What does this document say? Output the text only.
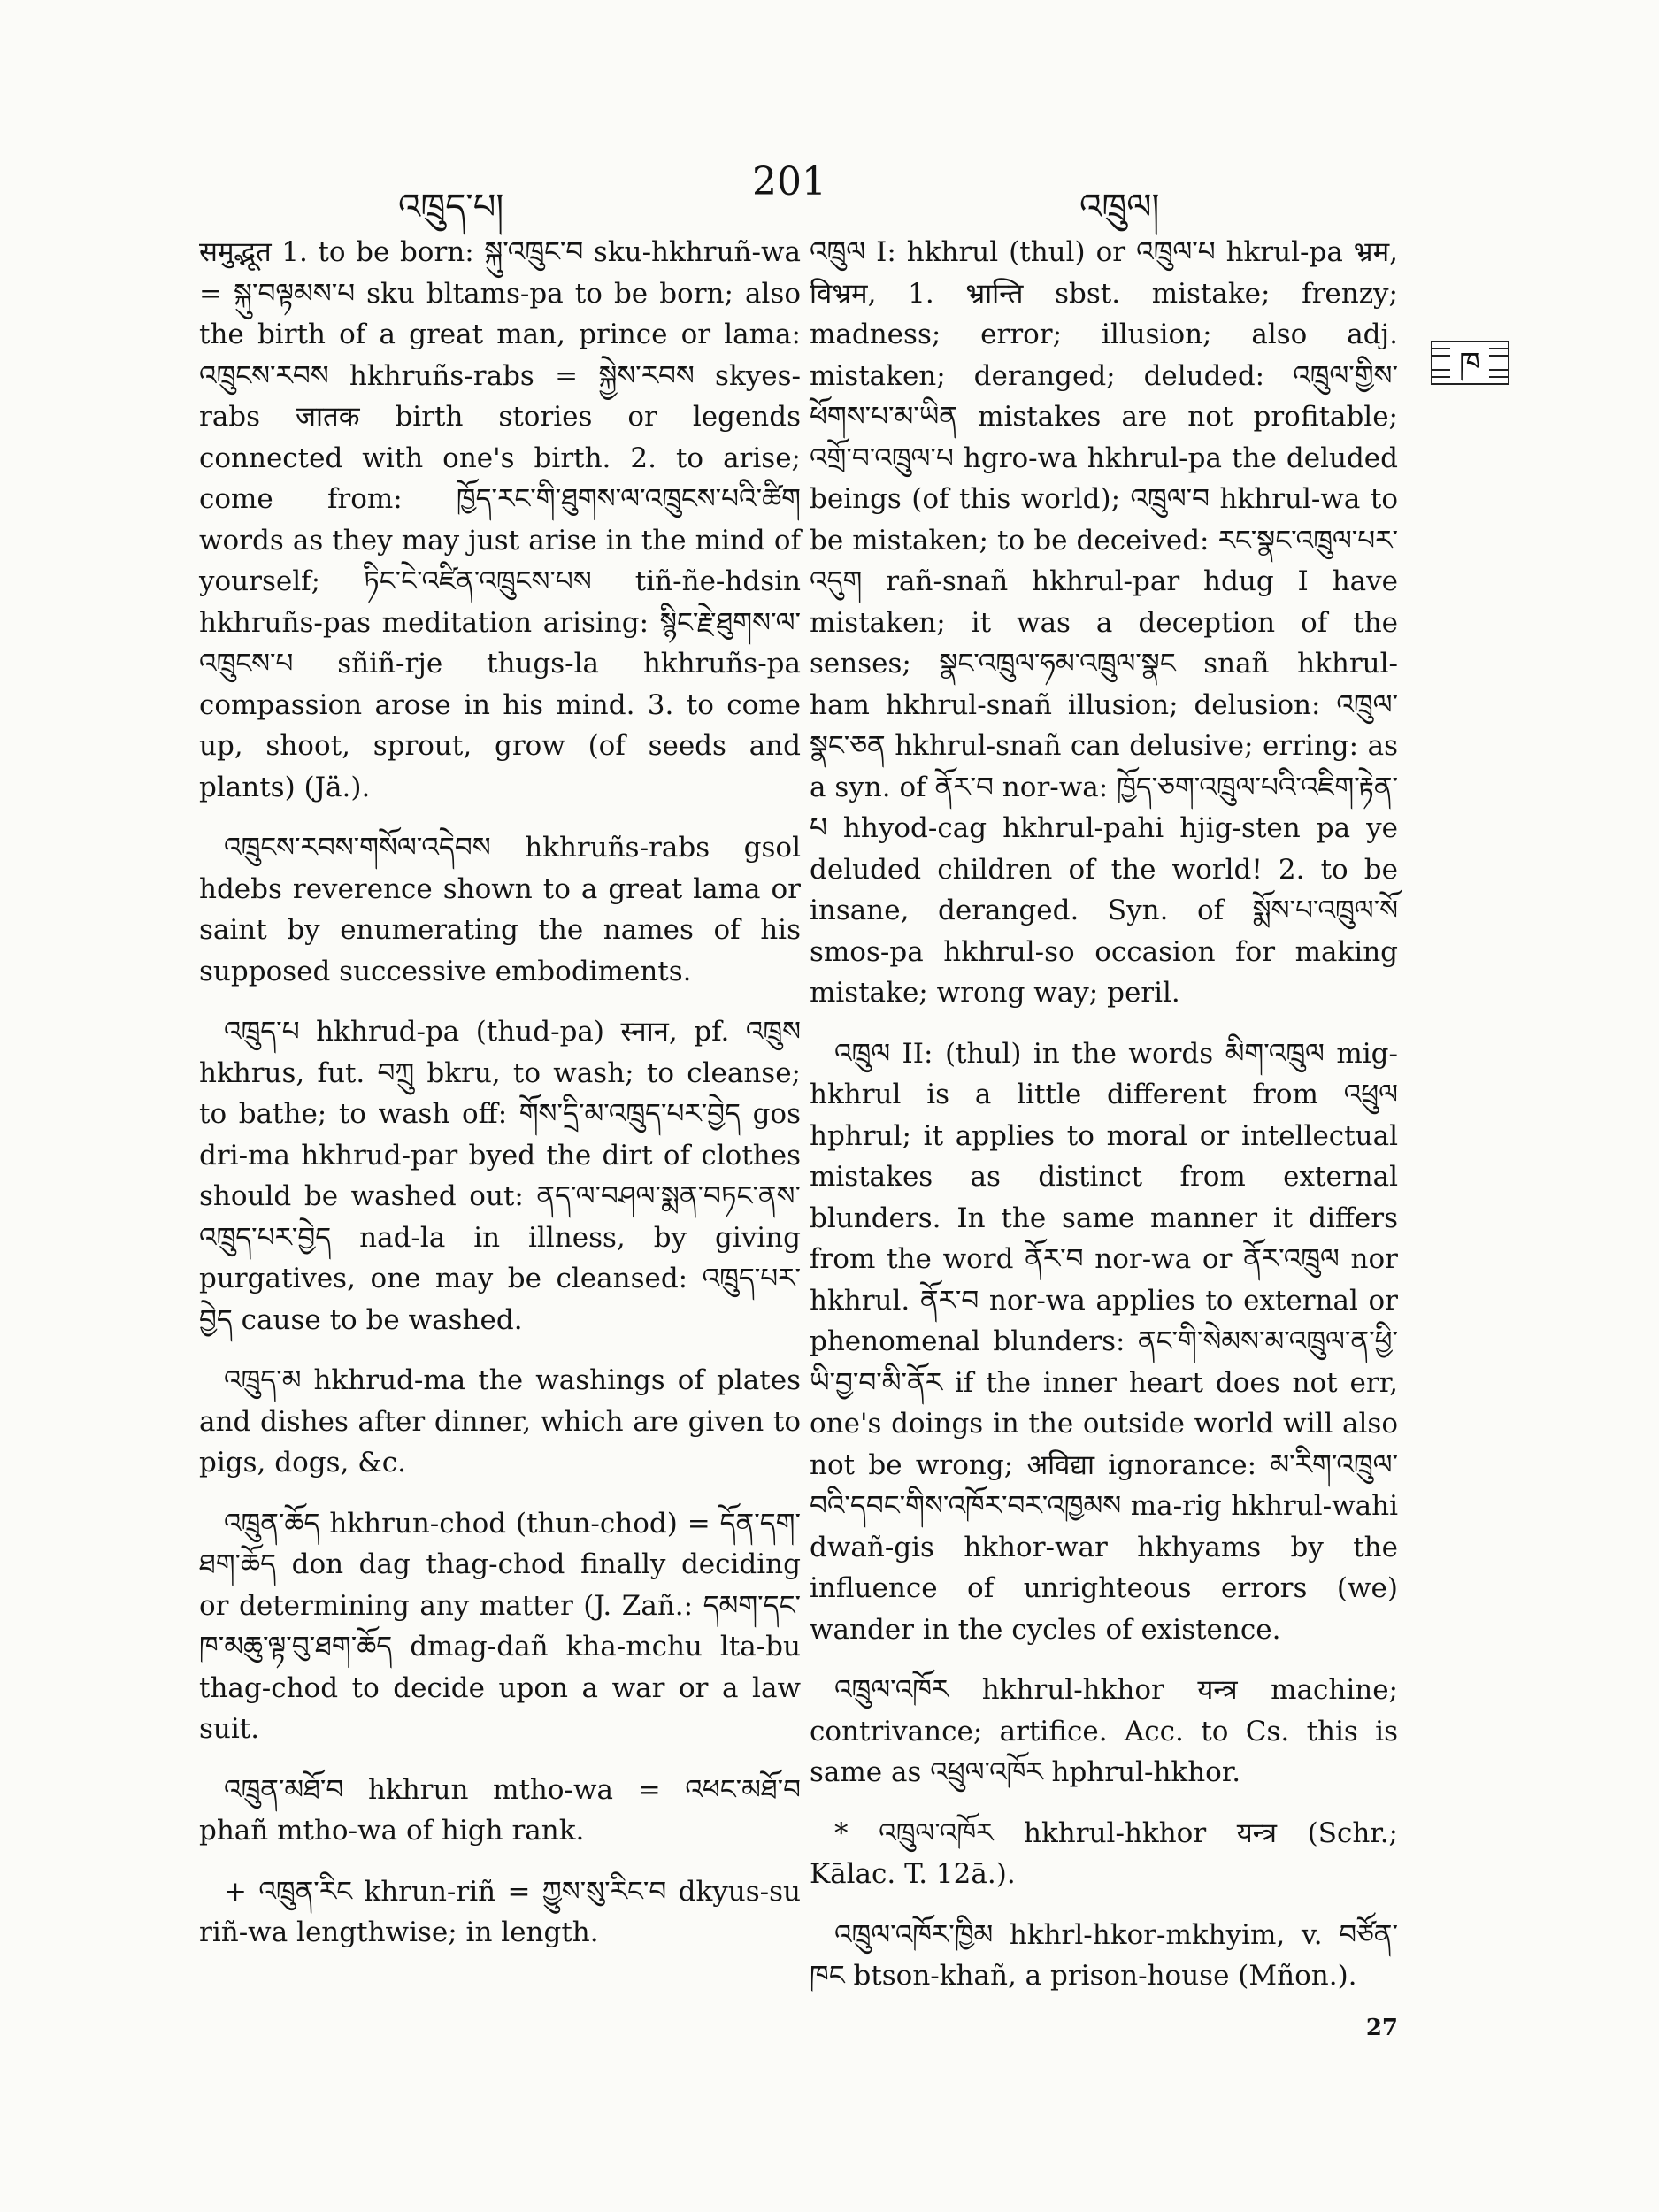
འཁྲུད་པ།
201
འཁྲུལ།
ཁ

समुद्भूत 1. to be born: སྐུ་འཁྲུང་བ sku-hkhruñ-wa = སྐུ་བལྟམས་པ sku bltams-pa to be born; also the birth of a great man, prince or lama: འཁྲུངས་རབས hkhruñs-rabs = སྐྱེས་རབས skyes-rabs जातक birth stories or legends connected with one's birth. 2. to arise; come from: ཁྱོད་རང་གི་ཐུགས་ལ་འཁྲུངས་པའི་ཚིག words as they may just arise in the mind of yourself; ཏིང་ངེ་འཛིན་འཁྲུངས་པས tiñ-ñe-hdsin hkhruñs-pas meditation arising: སྙིང་རྗེ་ཐུགས་ལ་འཁྲུངས་པ sñiñ-rje thugs-la hkhruñs-pa compassion arose in his mind. 3. to come up, shoot, sprout, grow (of seeds and plants) (Jä.).

འཁྲུངས་རབས་གསོལ་འདེབས hkhruñs-rabs gsol hdebs reverence shown to a great lama or saint by enumerating the names of his supposed successive embodiments.

འཁྲུད་པ hkhrud-pa (thud-pa) स्नान, pf. འཁྲུས hkhrus, fut. བཀྲུ bkru, to wash; to cleanse; to bathe; to wash off: གོས་དྲི་མ་འཁྲུད་པར་བྱེད gos dri-ma hkhrud-par byed the dirt of clothes should be washed out: ནད་ལ་བཤལ་སྨན་བཏང་ནས་འཁྲུད་པར་བྱེད nad-la in illness, by giving purgatives, one may be cleansed: འཁྲུད་པར་བྱེད cause to be washed.

འཁྲུད་མ hkhrud-ma the washings of plates and dishes after dinner, which are given to pigs, dogs, &c.

འཁྲུན་ཆོད hkhrun-chod (thun-chod) = དོན་དག་ཐག་ཆོད don dag thag-chod finally deciding or determining any matter (J. Zañ.: དམག་དང་ཁ་མཆུ་ལྟ་བུ་ཐག་ཆོད dmag-dañ kha-mchu lta-bu thag-chod to decide upon a war or a law suit.

འཁྲུན་མཐོ་བ hkhrun mtho-wa = འཕང་མཐོ་བ phañ mtho-wa of high rank.

+ འཁྲུན་རིང khrun-riñ = ཀྱུས་སུ་རིང་བ dkyus-su riñ-wa lengthwise; in length.

འཁྲུལ I: hkhrul (thul) or འཁྲུལ་པ hkrul-pa भ्रम, विभ्रम, 1. भ्रान्ति sbst. mistake; frenzy; madness; error; illusion; also adj. mistaken; deranged; deluded: འཁྲུལ་གྱིས་ཕོགས་པ་མ་ཡིན mistakes are not profitable; འགྲོ་བ་འཁྲུལ་པ hgro-wa hkhrul-pa the deluded beings (of this world); འཁྲུལ་བ hkhrul-wa to be mistaken; to be deceived: རང་སྣང་འཁྲུལ་པར་འདུག rañ-snañ hkhrul-par hdug I have mistaken; it was a deception of the senses; སྣང་འཁྲུལ་ཧམ་འཁྲུལ་སྣང snañ hkhrul-ham hkhrul-snañ illusion; delusion: འཁྲུལ་སྣང་ཅན hkhrul-snañ can delusive; erring: as a syn. of ནོར་བ nor-wa: ཁྱོད་ཅག་འཁྲུལ་པའི་འཇིག་རྟེན་པ hhyod-cag hkhrul-pahi hjig-sten pa ye deluded children of the world! 2. to be insane, deranged. Syn. of སྨོས་པ་འཁྲུལ་སོ smos-pa hkhrul-so occasion for making mistake; wrong way; peril.

འཁྲུལ II: (thul) in the words མིག་འཁྲུལ mig-hkhrul is a little different from འཕྲུལ hphrul; it applies to moral or intellectual mistakes as distinct from external blunders. In the same manner it differs from the word ནོར་བ nor-wa or ནོར་འཁྲུལ nor hkhrul. ནོར་བ nor-wa applies to external or phenomenal blunders: ནང་གི་སེམས་མ་འཁྲུལ་ན་ཕྱི་ཡི་བྱ་བ་མི་ནོར if the inner heart does not err, one's doings in the outside world will also not be wrong; अविद्या ignorance: མ་རིག་འཁྲུལ་བའི་དབང་གིས་འཁོར་བར་འཁྱམས ma-rig hkhrul-wahi dwañ-gis hkhor-war hkhyams by the influence of unrighteous errors (we) wander in the cycles of existence.

འཁྲུལ་འཁོར hkhrul-hkhor यन्त्र machine; contrivance; artifice. Acc. to Cs. this is same as འཕྲུལ་འཁོར hphrul-hkhor.

* འཁྲུལ་འཁོར hkhrul-hkhor यन्त्र (Schr.; Kālac. T. 12ā.).

འཁྲུལ་འཁོར་ཁྱིམ hkhrl-hkor-mkhyim, v. བཙོན་ཁང btson-khañ, a prison-house (Mñon.).

27
